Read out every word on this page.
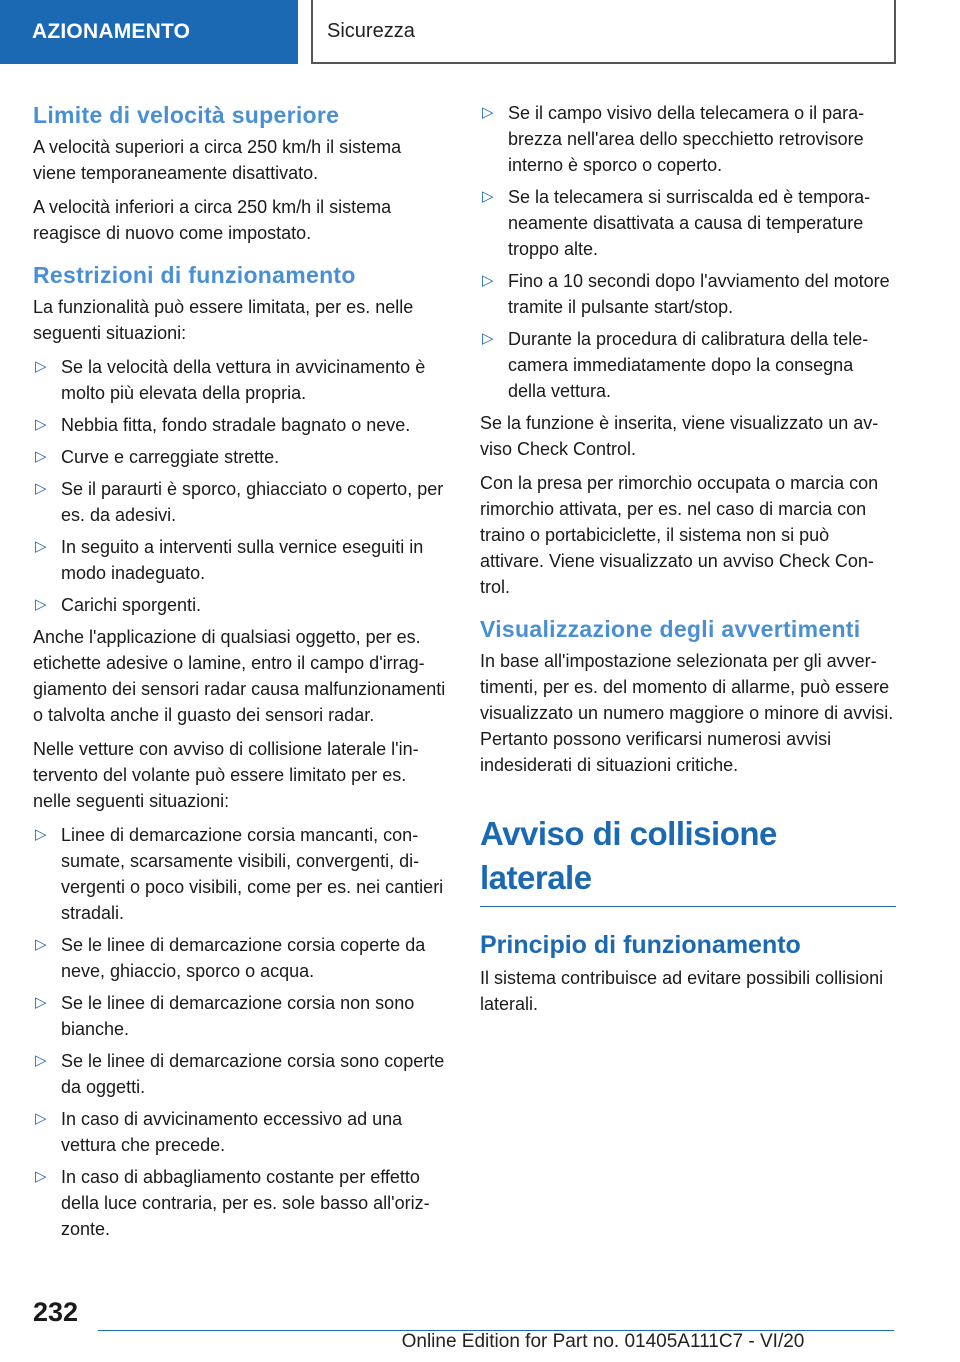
AZIONAMENTO	Sicurezza
Limite di velocità superiore

A velocità superiori a circa 250 km/h il sistema viene temporaneamente disattivato.

A velocità inferiori a circa 250 km/h il sistema reagisce di nuovo come impostato.

Restrizioni di funzionamento

La funzionalità può essere limitata, per es. nelle seguenti situazioni:

▷ Se la velocità della vettura in avvicinamento è molto più elevata della propria.
▷ Nebbia fitta, fondo stradale bagnato o neve.
▷ Curve e carreggiate strette.
▷ Se il paraurti è sporco, ghiacciato o coperto, per es. da adesivi.
▷ In seguito a interventi sulla vernice eseguiti in modo inadeguato.
▷ Carichi sporgenti.

Anche l'applicazione di qualsiasi oggetto, per es. etichette adesive o lamine, entro il campo d'irraggiamento dei sensori radar causa malfunzionamenti o talvolta anche il guasto dei sensori radar.

Nelle vetture con avviso di collisione laterale l'intervento del volante può essere limitato per es. nelle seguenti situazioni:

▷ Linee di demarcazione corsia mancanti, consumate, scarsamente visibili, convergenti, divergenti o poco visibili, come per es. nei cantieri stradali.
▷ Se le linee di demarcazione corsia coperte da neve, ghiaccio, sporco o acqua.
▷ Se le linee di demarcazione corsia non sono bianche.
▷ Se le linee di demarcazione corsia sono coperte da oggetti.
▷ In caso di avvicinamento eccessivo ad una vettura che precede.
▷ In caso di abbagliamento costante per effetto della luce contraria, per es. sole basso all'orizzonte.
▷ Se il campo visivo della telecamera o il parabrezza nell'area dello specchietto retrovisore interno è sporco o coperto.
▷ Se la telecamera si surriscalda ed è temporaneamente disattivata a causa di temperature troppo alte.
▷ Fino a 10 secondi dopo l'avviamento del motore tramite il pulsante start/stop.
▷ Durante la procedura di calibratura della telecamera immediatamente dopo la consegna della vettura.

Se la funzione è inserita, viene visualizzato un avviso Check Control.

Con la presa per rimorchio occupata o marcia con rimorchio attivata, per es. nel caso di marcia con traino o portabiciclette, il sistema non si può attivare. Viene visualizzato un avviso Check Control.

Visualizzazione degli avvertimenti

In base all'impostazione selezionata per gli avvertimenti, per es. del momento di allarme, può essere visualizzato un numero maggiore o minore di avvisi. Pertanto possono verificarsi numerosi avvisi indesiderati di situazioni critiche.

Avviso di collisione laterale
Principio di funzionamento

Il sistema contribuisce ad evitare possibili collisioni laterali.

232
Online Edition for Part no. 01405A111C7 - VI/20
